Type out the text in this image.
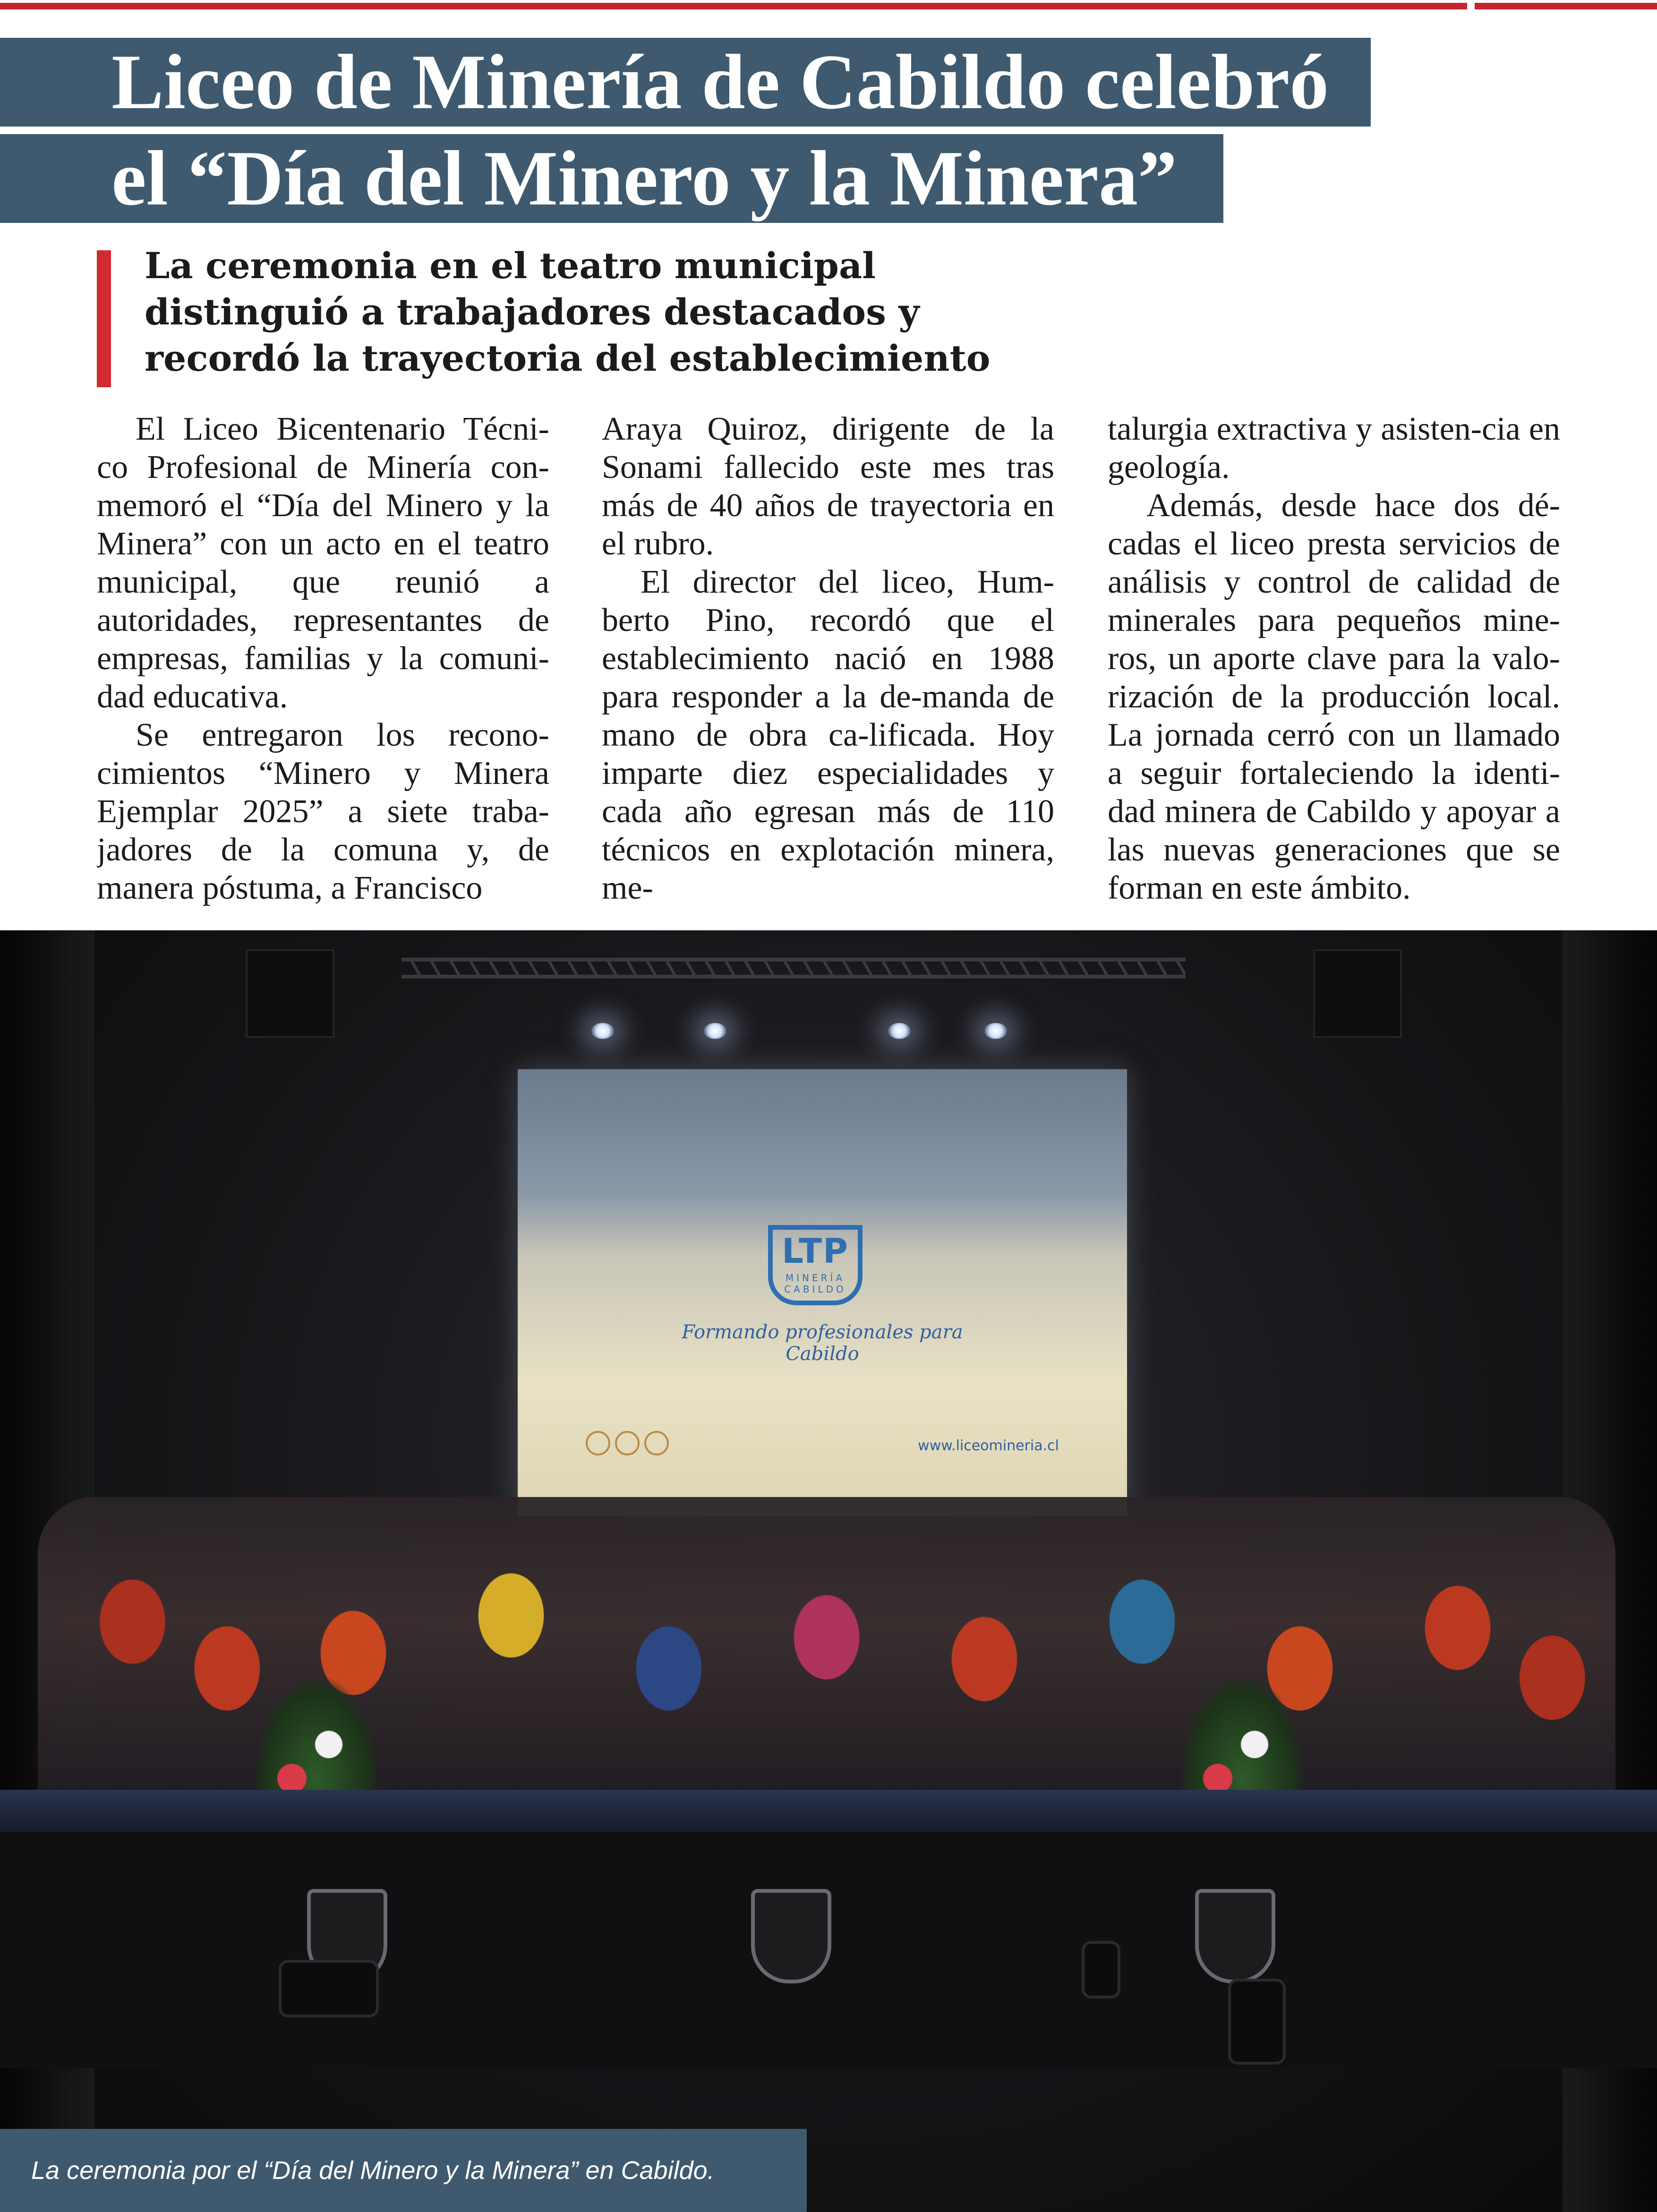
Liceo de Minería de Cabildo celebró
el “Día del Minero y la Minera”
La ceremonia en el teatro municipal
distinguió a trabajadores destacados y
recordó la trayectoria del establecimiento

El Liceo Bicentenario Técni-co Profesional de Minería con-memoró el “Día del Minero y la Minera” con un acto en el teatro municipal, que reunió a autoridades, representantes de empresas, familias y la comuni-dad educativa.

Se entregaron los recono-cimientos “Minero y Minera Ejemplar 2025” a siete traba-jadores de la comuna y, de manera póstuma, a Francisco

Araya Quiroz, dirigente de la Sonami fallecido este mes tras más de 40 años de trayectoria en el rubro.

El director del liceo, Hum-berto Pino, recordó que el establecimiento nació en 1988 para responder a la de-manda de mano de obra ca-lificada. Hoy imparte diez especialidades y cada año egresan más de 110 técnicos en explotación minera, me-

talurgia extractiva y asisten-cia en geología.

Además, desde hace dos dé-cadas el liceo presta servicios de análisis y control de calidad de minerales para pequeños mine-ros, un aporte clave para la valo-rización de la producción local. La jornada cerró con un llamado a seguir fortaleciendo la identi-dad minera de Cabildo y apoyar a las nuevas generaciones que se forman en este ámbito.

LTP
MINERÍA CABILDO
Formando profesionales para Cabildo
www.liceomineria.cl
La ceremonia por el “Día del Minero y la Minera” en Cabildo.
